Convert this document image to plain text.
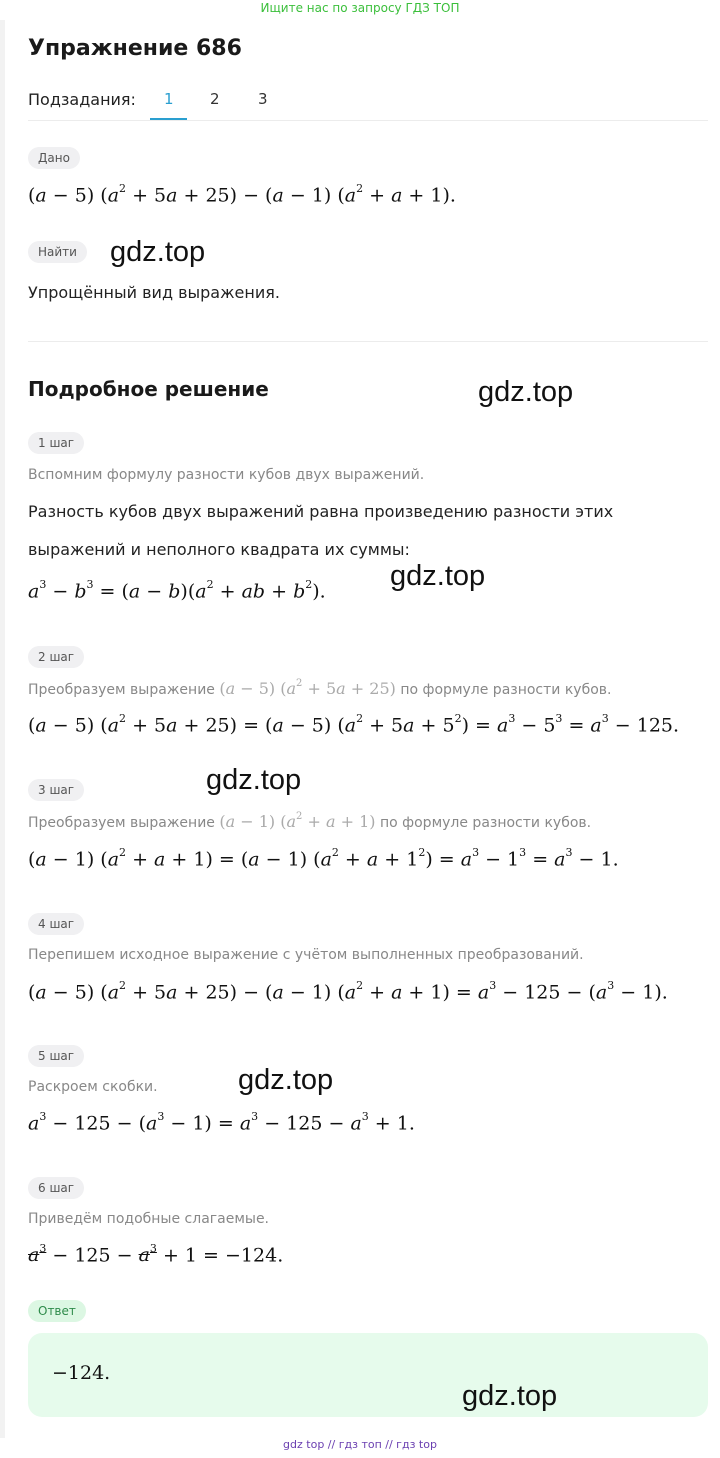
Ищите нас по запросу ГДЗ ТОП
Упражнение 686
Подзадания: 1 2	3
Дано
(a − 5) $(a^2 + 5a + 25) - (a - 1) (a^2 + a + 1)$.
Найти	gdz.top
Упрощённый вид выражения.
Подробное решение	gdz.top
1 шаг
Вспомним формулу разности кубов двух выражений.
Разность кубов двух выражений равна произведению разности этих
выражений и неполного квадрата их суммы:
$a^3 - b^3 = (a - b)(a^2$ + ab + $b^2$). gdz.top
2 шаг
Преобразуем выражение (a − 5) $(a^2 + 5a + 25)$ по формуле разности кубов.
(a − 5) $(a^2 + 5a + 25) = (a - 5) (a^2 + 5a + 5^2) = a^3 - 5^3 = a^3 - 125$.
gdz.top
3 шаг
Преобразуем выражение (a − 1) $(a^2 + a + 1)$ по формуле разности кубов.
(a − 1) $(a^2 + a + 1) = (a - 1) (a^2 + a + 1^2) = a^3 - 1^3 = a^3 - 1$.
4 шаг
Перепишем исходное выражение с учётом выполненных преобразований.
(a − 5) $(a^2 + 5a + 25) - (a - 1) (a^2 + a + 1) = a^3 - 125 - (a^3 - 1)$.
5 шаг
gdz.top
Раскроем скобки.
$a^3 - 125 - (a^3 - 1) = a^3 - 125 - a^3 + 1$.
6 шаг
Приведём подобные слагаемые.
$a^3 - 125 - a^3 + 1 = -124$.
Ответ
−124.
gdz.top
gdz top // гдз топ // гдз top
